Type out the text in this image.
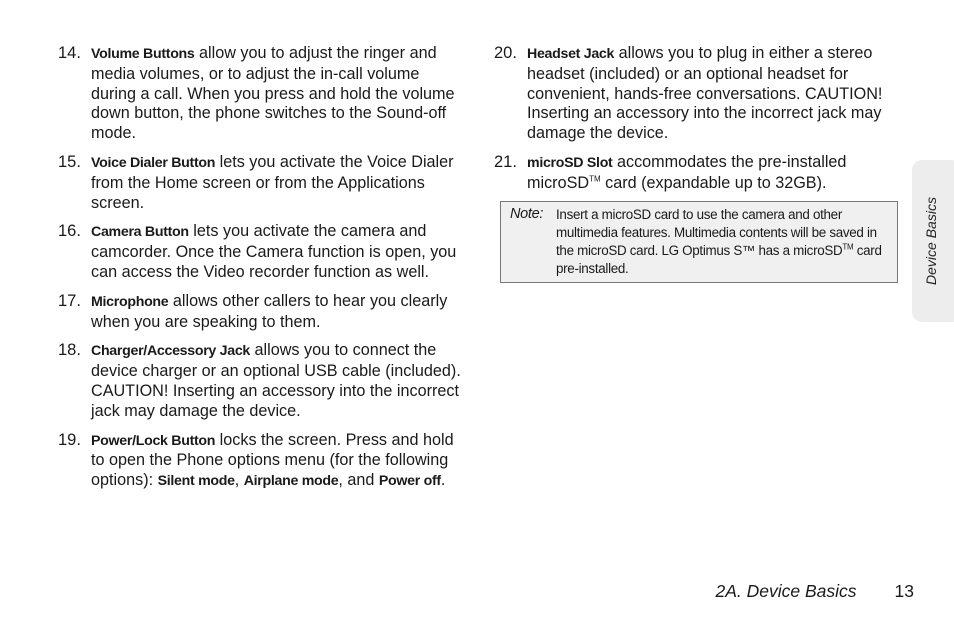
14. Volume Buttons allow you to adjust the ringer and media volumes, or to adjust the in-call volume during a call. When you press and hold the volume down button, the phone switches to the Sound-off mode.
15. Voice Dialer Button lets you activate the Voice Dialer from the Home screen or from the Applications screen.
16. Camera Button lets you activate the camera and camcorder. Once the Camera function is open, you can access the Video recorder function as well.
17. Microphone allows other callers to hear you clearly when you are speaking to them.
18. Charger/Accessory Jack allows you to connect the device charger or an optional USB cable (included). CAUTION! Inserting an accessory into the incorrect jack may damage the device.
19. Power/Lock Button locks the screen. Press and hold to open the Phone options menu (for the following options): Silent mode, Airplane mode, and Power off.
20. Headset Jack allows you to plug in either a stereo headset (included) or an optional headset for convenient, hands-free conversations. CAUTION! Inserting an accessory into the incorrect jack may damage the device.
21. microSD Slot accommodates the pre-installed microSD™ card (expandable up to 32GB).
Note: Insert a microSD card to use the camera and other multimedia features. Multimedia contents will be saved in the microSD card. LG Optimus S™ has a microSD™ card pre-installed.	Device Basics
2A. Device Basics 13
